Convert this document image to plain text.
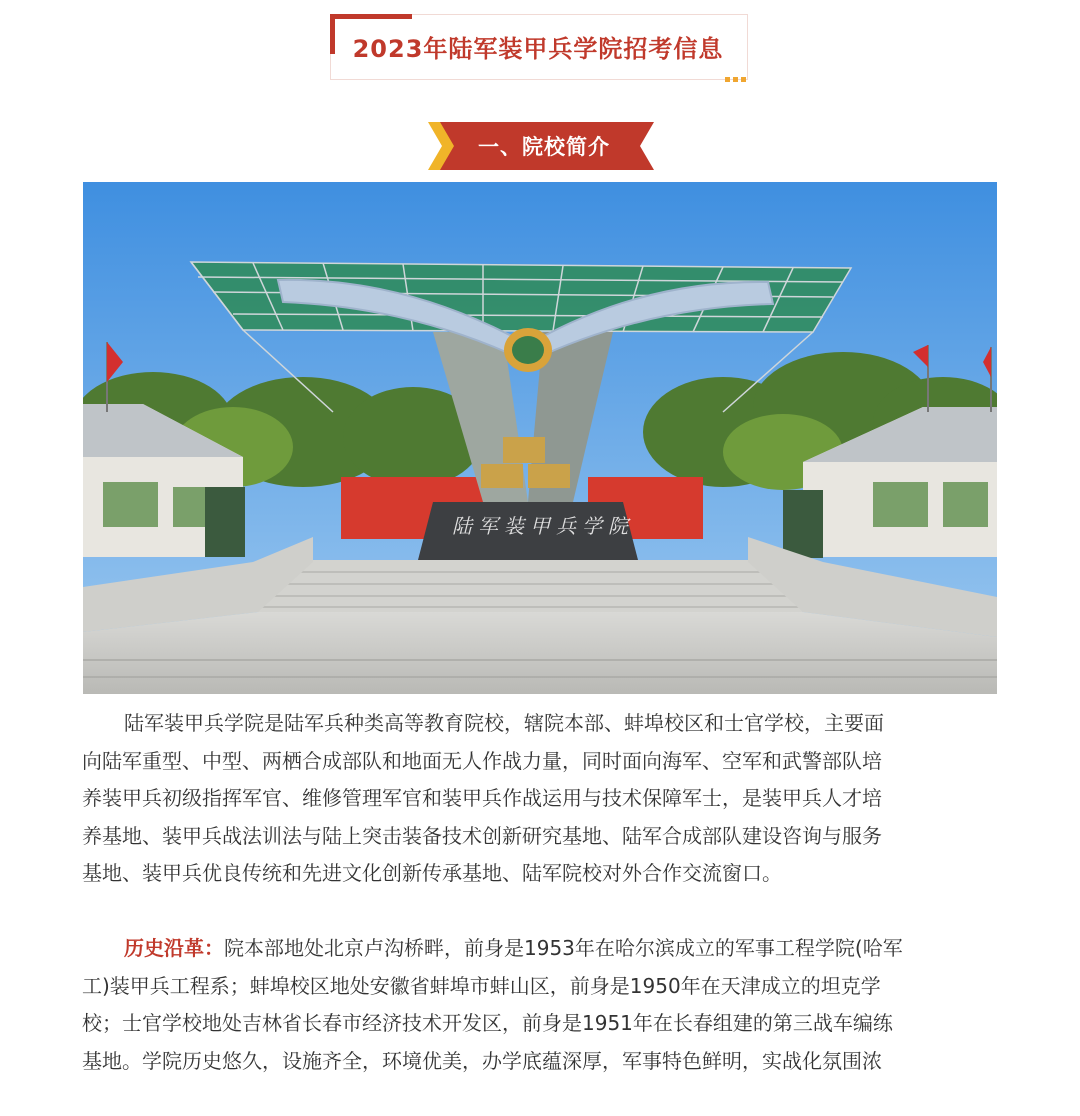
2023年陆军装甲兵学院招考信息
一、院校简介
陆军装甲兵学院是陆军兵种类高等教育院校，辖院本部、蚌埠校区和士官学校，主要面
向陆军重型、中型、两栖合成部队和地面无人作战力量，同时面向海军、空军和武警部队培
养装甲兵初级指挥军官、维修管理军官和装甲兵作战运用与技术保障军士，是装甲兵人才培
养基地、装甲兵战法训法与陆上突击装备技术创新研究基地、陆军合成部队建设咨询与服务
基地、装甲兵优良传统和先进文化创新传承基地、陆军院校对外合作交流窗口。
历史沿革：院本部地处北京卢沟桥畔，前身是1953年在哈尔滨成立的军事工程学院(哈军
工)装甲兵工程系；蚌埠校区地处安徽省蚌埠市蚌山区，前身是1950年在天津成立的坦克学
校；士官学校地处吉林省长春市经济技术开发区，前身是1951年在长春组建的第三战车编练
基地。学院历史悠久，设施齐全，环境优美，办学底蕴深厚，军事特色鲜明，实战化氛围浓
陆军装甲兵学院
